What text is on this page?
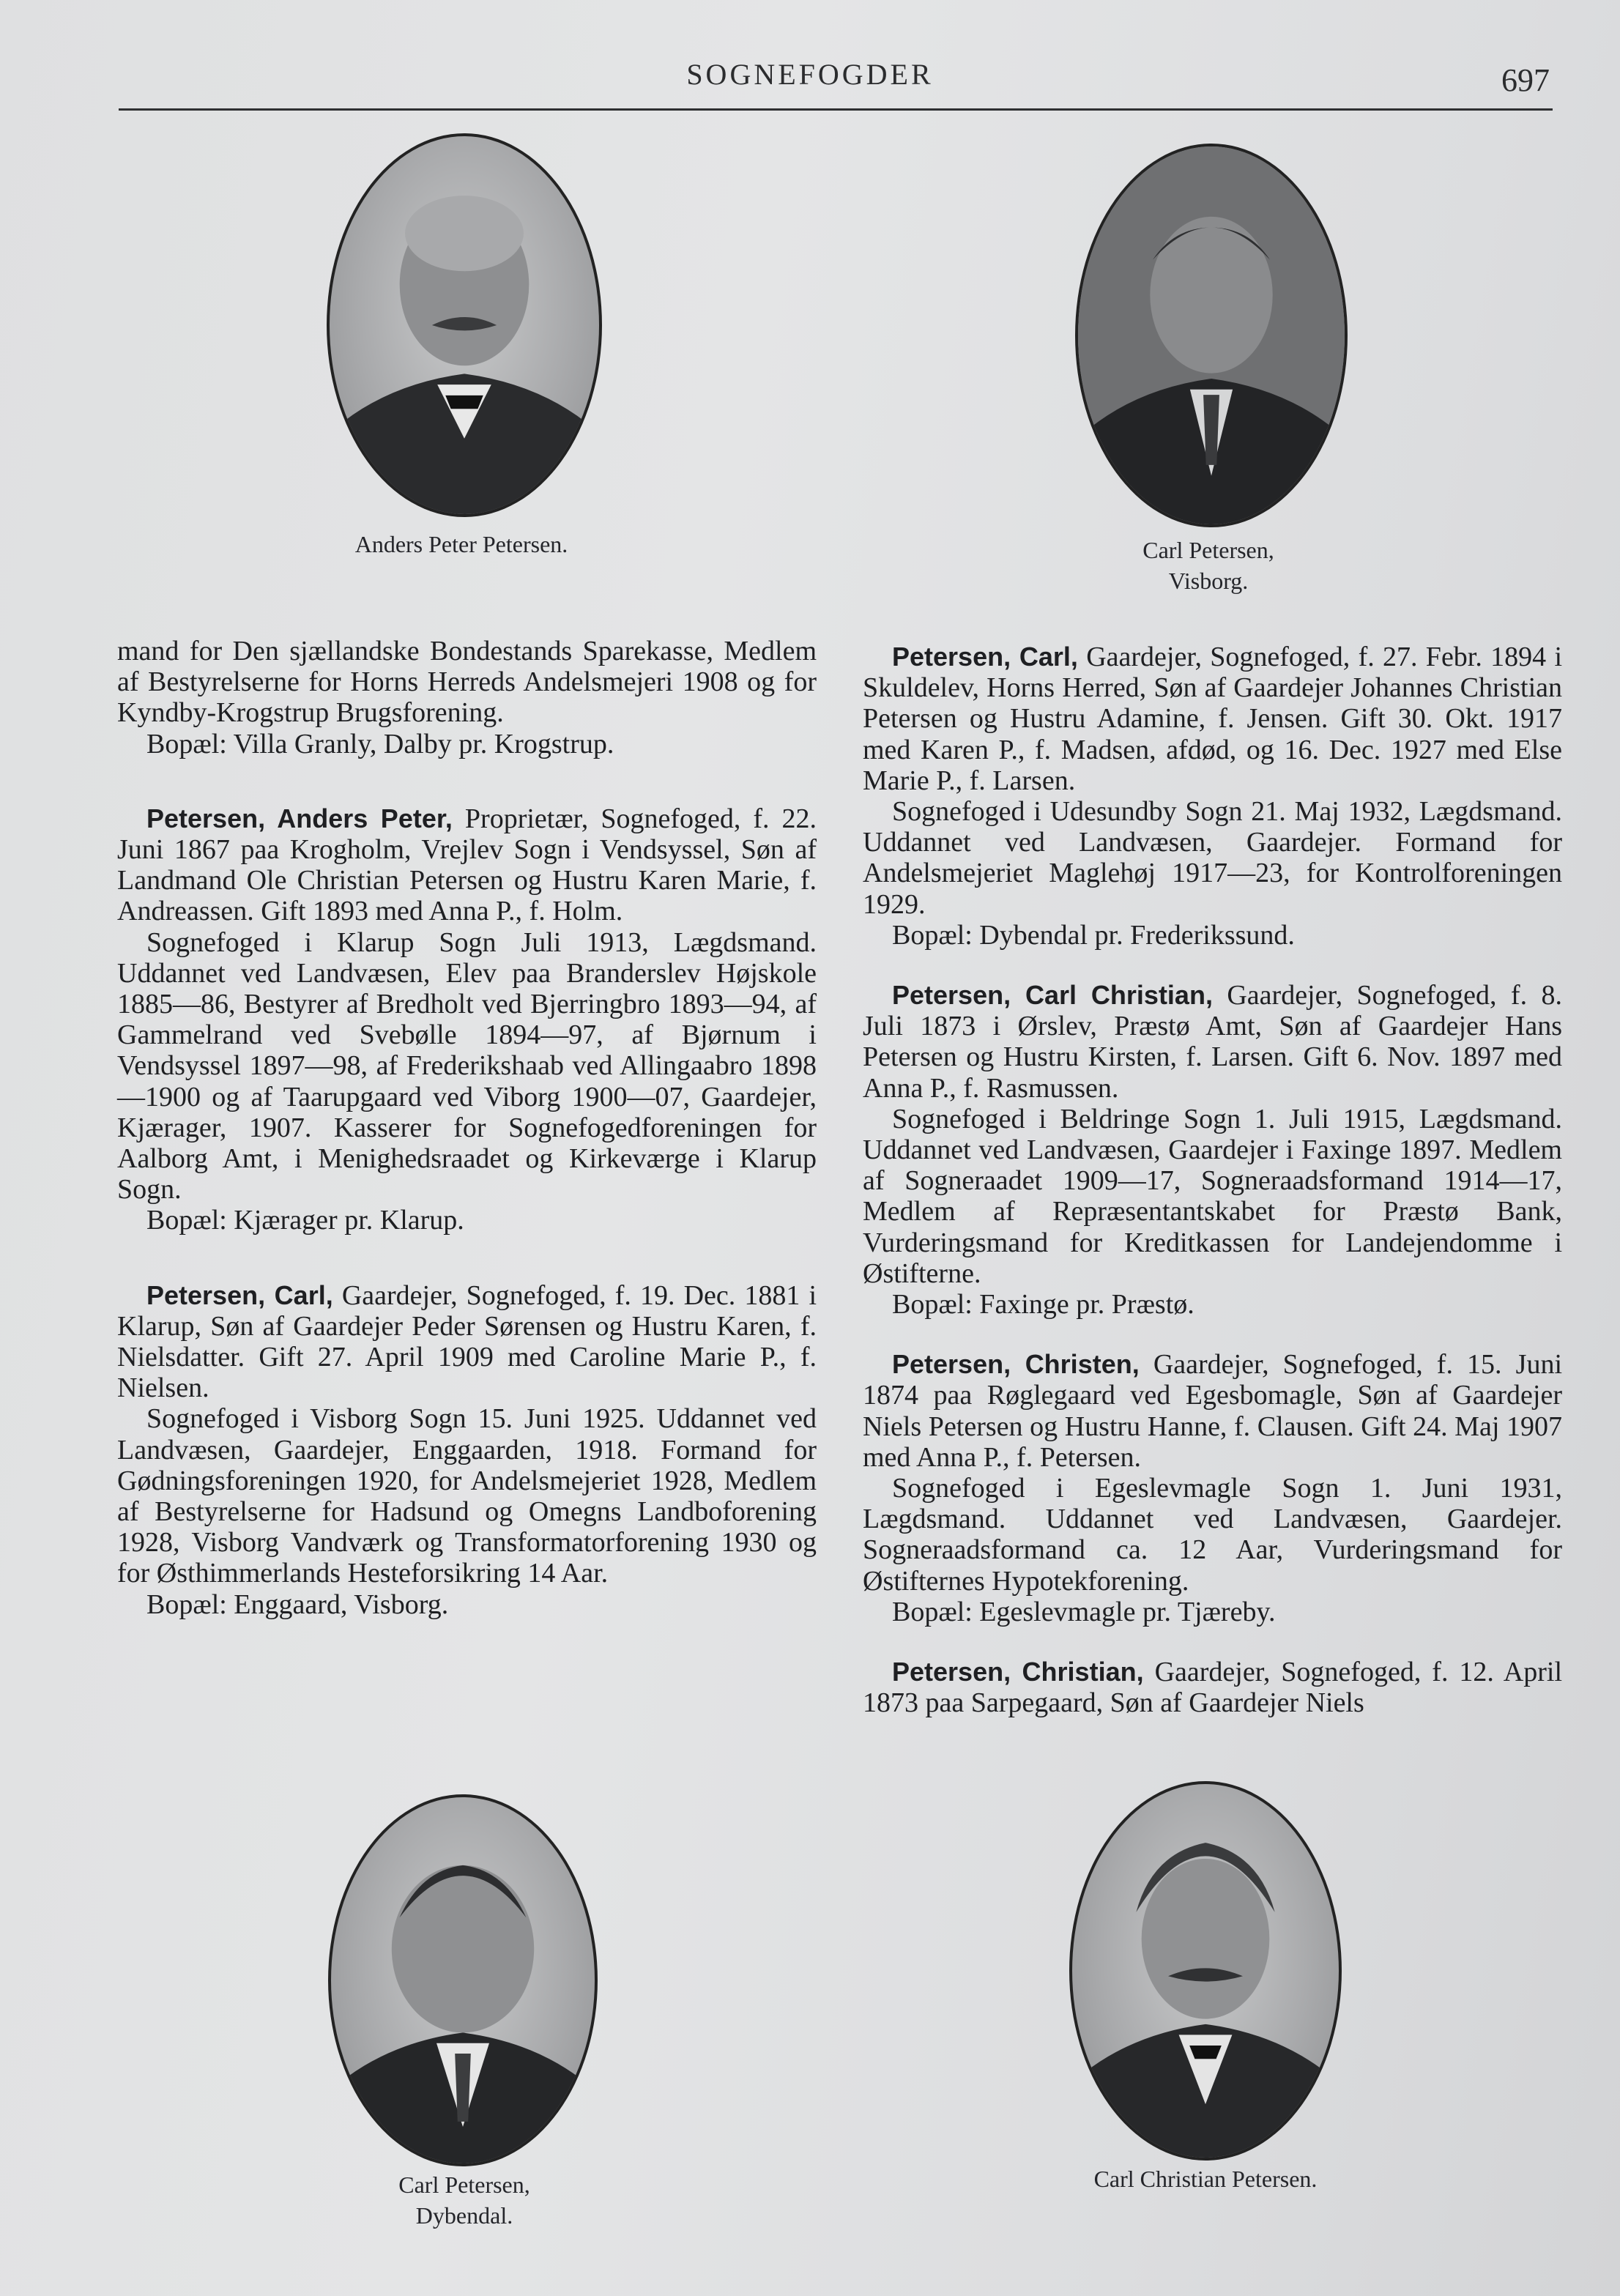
SOGNEFOGDER	697
Anders Peter Petersen.	Carl Petersen,
Visborg.

mand for Den sjællandske Bondestands Sparekasse, Medlem af Bestyrelserne for Horns Herreds Andelsmejeri 1908 og for Kyndby-Krogstrup Brugsforening.

Bopæl: Villa Granly, Dalby pr. Krogstrup.

Petersen, Anders Peter, Proprietær, Sognefoged, f. 22. Juni 1867 paa Krogholm, Vrejlev Sogn i Vendsyssel, Søn af Landmand Ole Christian Petersen og Hustru Karen Marie, f. Andreassen. Gift 1893 med Anna P., f. Holm.

Sognefoged i Klarup Sogn Juli 1913, Lægdsmand. Uddannet ved Landvæsen, Elev paa Branderslev Højskole 1885—86, Bestyrer af Bredholt ved Bjerringbro 1893—94, af Gammelrand ved Svebølle 1894—97, af Bjørnum i Vendsyssel 1897—98, af Frederikshaab ved Allingaabro 1898—1900 og af Taarupgaard ved Viborg 1900—07, Gaardejer, Kjærager, 1907. Kasserer for Sognefogedforeningen for Aalborg Amt, i Menighedsraadet og Kirkeværge i Klarup Sogn.

Bopæl: Kjærager pr. Klarup.

Petersen, Carl, Gaardejer, Sognefoged, f. 19. Dec. 1881 i Klarup, Søn af Gaardejer Peder Sørensen og Hustru Karen, f. Nielsdatter. Gift 27. April 1909 med Caroline Marie P., f. Nielsen.

Sognefoged i Visborg Sogn 15. Juni 1925. Uddannet ved Landvæsen, Gaardejer, Enggaarden, 1918. Formand for Gødningsforeningen 1920, for Andelsmejeriet 1928, Medlem af Bestyrelserne for Hadsund og Omegns Landboforening 1928, Visborg Vandværk og Transformatorforening 1930 og for Østhimmerlands Hesteforsikring 14 Aar.

Bopæl: Enggaard, Visborg.

Petersen, Carl, Gaardejer, Sognefoged, f. 27. Febr. 1894 i Skuldelev, Horns Herred, Søn af Gaardejer Johannes Christian Petersen og Hustru Adamine, f. Jensen. Gift 30. Okt. 1917 med Karen P., f. Madsen, afdød, og 16. Dec. 1927 med Else Marie P., f. Larsen.

Sognefoged i Udesundby Sogn 21. Maj 1932, Lægdsmand. Uddannet ved Landvæsen, Gaardejer. Formand for Andelsmejeriet Maglehøj 1917—23, for Kontrolforeningen 1929.

Bopæl: Dybendal pr. Frederikssund.

Petersen, Carl Christian, Gaardejer, Sognefoged, f. 8. Juli 1873 i Ørslev, Præstø Amt, Søn af Gaardejer Hans Petersen og Hustru Kirsten, f. Larsen. Gift 6. Nov. 1897 med Anna P., f. Rasmussen.

Sognefoged i Beldringe Sogn 1. Juli 1915, Lægdsmand. Uddannet ved Landvæsen, Gaardejer i Faxinge 1897. Medlem af Sogneraadet 1909—17, Sogneraadsformand 1914—17, Medlem af Repræsentantskabet for Præstø Bank, Vurderingsmand for Kreditkassen for Landejendomme i Østifterne.

Bopæl: Faxinge pr. Præstø.

Petersen, Christen, Gaardejer, Sognefoged, f. 15. Juni 1874 paa Røglegaard ved Egesbomagle, Søn af Gaardejer Niels Petersen og Hustru Hanne, f. Clausen. Gift 24. Maj 1907 med Anna P., f. Petersen.

Sognefoged i Egeslevmagle Sogn 1. Juni 1931, Lægdsmand. Uddannet ved Landvæsen, Gaardejer. Sogneraadsformand ca. 12 Aar, Vurderingsmand for Østifternes Hypotekforening.

Bopæl: Egeslevmagle pr. Tjæreby.

Petersen, Christian, Gaardejer, Sognefoged, f. 12. April 1873 paa Sarpegaard, Søn af Gaardejer Niels

Carl Petersen,
Dybendal.
Carl Christian Petersen.
